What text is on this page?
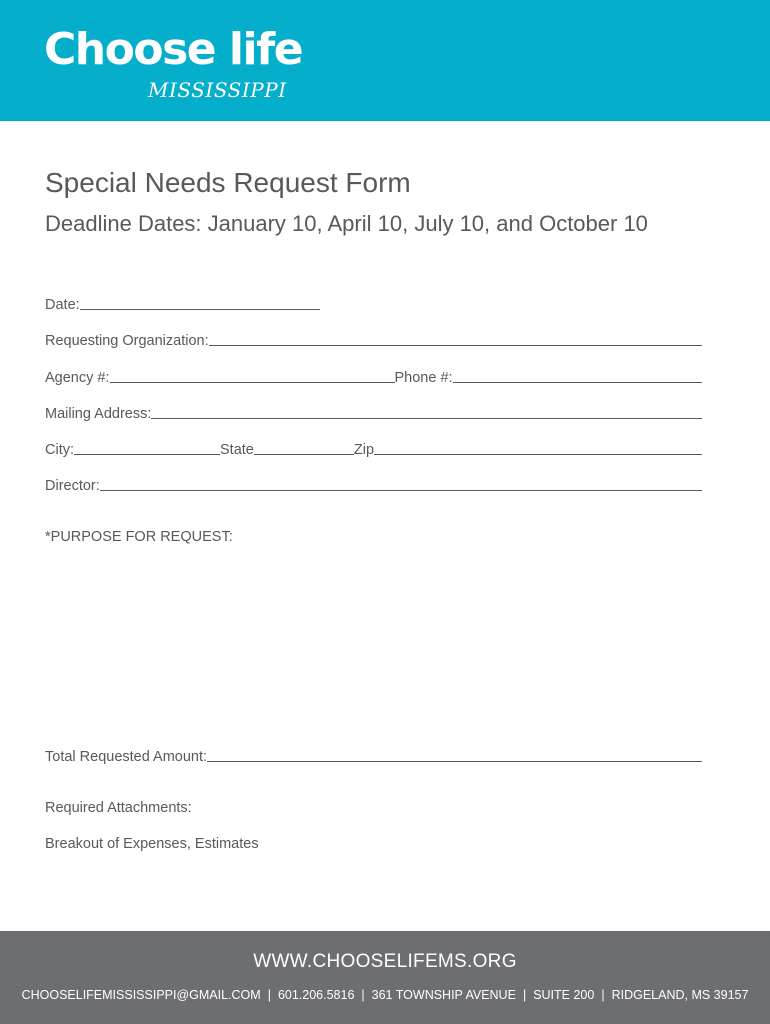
Choose life
MISSISSIPPI
Special Needs Request Form
Deadline Dates: January 10, April 10, July 10, and October 10
Date:
Requesting Organization:
Agency #:	Phone #:
Mailing Address:
City:	State	Zip
Director:
*PURPOSE FOR REQUEST:
Total Requested Amount:
Required Attachments:
Breakout of Expenses, Estimates
WWW.CHOOSELIFEMS.ORG
CHOOSELIFEMISSISSIPPI@GMAIL.COM | 601.206.5816 | 361 TOWNSHIP AVENUE | SUITE 200 | RIDGELAND, MS 39157
